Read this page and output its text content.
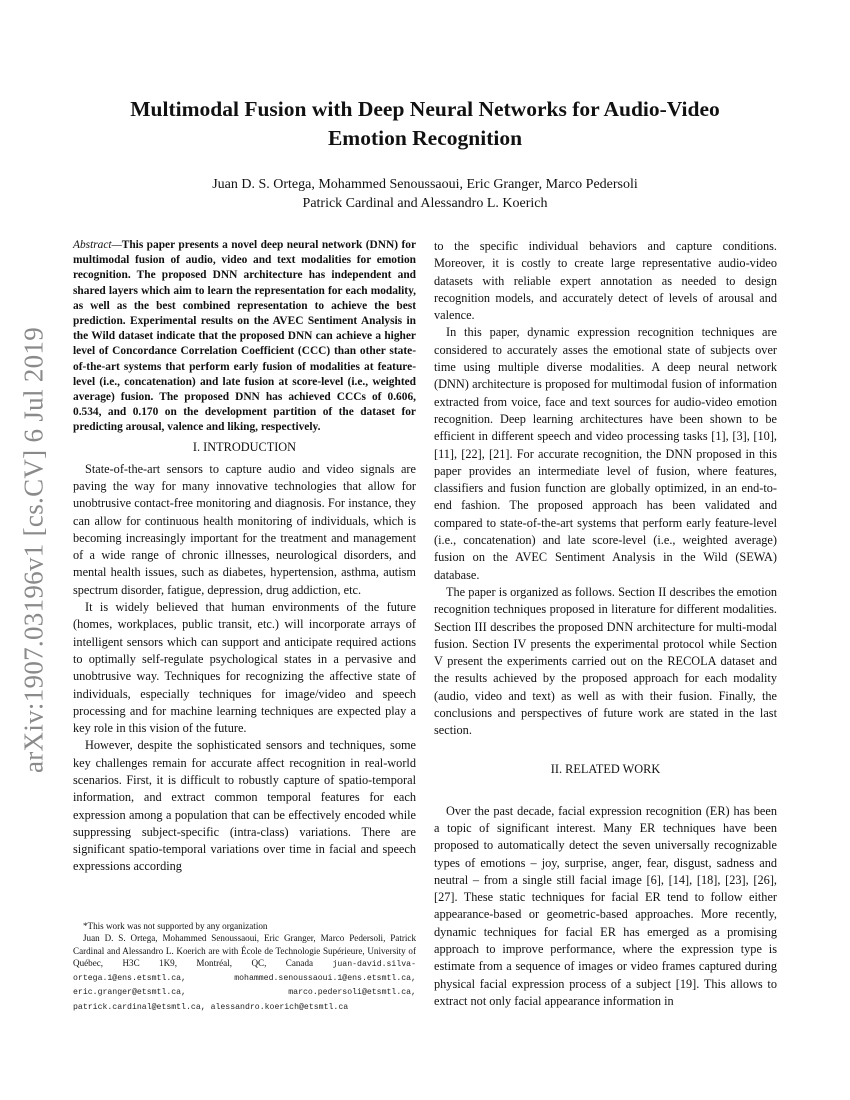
arXiv:1907.03196v1 [cs.CV] 6 Jul 2019
Multimodal Fusion with Deep Neural Networks for Audio-Video
Emotion Recognition
Juan D. S. Ortega, Mohammed Senoussaoui, Eric Granger, Marco Pedersoli
Patrick Cardinal and Alessandro L. Koerich

Abstract—This paper presents a novel deep neural network (DNN) for multimodal fusion of audio, video and text modalities for emotion recognition. The proposed DNN architecture has independent and shared layers which aim to learn the representation for each modality, as well as the best combined representation to achieve the best prediction. Experimental results on the AVEC Sentiment Analysis in the Wild dataset indicate that the proposed DNN can achieve a higher level of Concordance Correlation Coefficient (CCC) than other state-of-the-art systems that perform early fusion of modalities at feature-level (i.e., concatenation) and late fusion at score-level (i.e., weighted average) fusion. The proposed DNN has achieved CCCs of 0.606, 0.534, and 0.170 on the development partition of the dataset for predicting arousal, valence and liking, respectively.

I. INTRODUCTION

State-of-the-art sensors to capture audio and video signals are paving the way for many innovative technologies that allow for unobtrusive contact-free monitoring and diagnosis. For instance, they can allow for continuous health monitoring of individuals, which is becoming increasingly important for the treatment and management of a wide range of chronic illnesses, neurological disorders, and mental health issues, such as diabetes, hypertension, asthma, autism spectrum disorder, fatigue, depression, drug addiction, etc.

It is widely believed that human environments of the future (homes, workplaces, public transit, etc.) will incorporate arrays of intelligent sensors which can support and anticipate required actions to optimally self-regulate psychological states in a pervasive and unobtrusive way. Techniques for recognizing the affective state of individuals, especially techniques for image/video and speech processing and for machine learning techniques are expected play a key role in this vision of the future.

However, despite the sophisticated sensors and techniques, some key challenges remain for accurate affect recognition in real-world scenarios. First, it is difficult to robustly capture of spatio-temporal information, and extract common temporal features for each expression among a population that can be effectively encoded while suppressing subject-specific (intra-class) variations. There are significant spatio-temporal variations over time in facial and speech expressions according

*This work was not supported by any organization

Juan D. S. Ortega, Mohammed Senoussaoui, Eric Granger, Marco Pedersoli, Patrick Cardinal and Alessandro L. Koerich are with École de Technologie Supérieure, University of Québec, H3C 1K9, Montréal, QC, Canada juan-david.silva-ortega.1@ens.etsmtl.ca, mohammed.senoussaoui.1@ens.etsmtl.ca, eric.granger@etsmtl.ca, marco.pedersoli@etsmtl.ca, patrick.cardinal@etsmtl.ca, alessandro.koerich@etsmtl.ca

to the specific individual behaviors and capture conditions. Moreover, it is costly to create large representative audio-video datasets with reliable expert annotation as needed to design recognition models, and accurately detect of levels of arousal and valence.

In this paper, dynamic expression recognition techniques are considered to accurately asses the emotional state of subjects over time using multiple diverse modalities. A deep neural network (DNN) architecture is proposed for multimodal fusion of information extracted from voice, face and text sources for audio-video emotion recognition. Deep learning architectures have been shown to be efficient in different speech and video processing tasks [1], [3], [10], [11], [22], [21]. For accurate recognition, the DNN proposed in this paper provides an intermediate level of fusion, where features, classifiers and fusion function are globally optimized, in an end-to-end fashion. The proposed approach has been validated and compared to state-of-the-art systems that perform early feature-level (i.e., concatenation) and late score-level (i.e., weighted average) fusion on the AVEC Sentiment Analysis in the Wild (SEWA) database.

The paper is organized as follows. Section II describes the emotion recognition techniques proposed in literature for different modalities. Section III describes the proposed DNN architecture for multi-modal fusion. Section IV presents the experimental protocol while Section V present the experiments carried out on the RECOLA dataset and the results achieved by the proposed approach for each modality (audio, video and text) as well as with their fusion. Finally, the conclusions and perspectives of future work are stated in the last section.

II. RELATED WORK

Over the past decade, facial expression recognition (ER) has been a topic of significant interest. Many ER techniques have been proposed to automatically detect the seven universally recognizable types of emotions – joy, surprise, anger, fear, disgust, sadness and neutral – from a single still facial image [6], [14], [18], [23], [26], [27]. These static techniques for facial ER tend to follow either appearance-based or geometric-based approaches. More recently, dynamic techniques for facial ER has emerged as a promising approach to improve performance, where the expression type is estimate from a sequence of images or video frames captured during physical facial expression process of a subject [19]. This allows to extract not only facial appearance information in
